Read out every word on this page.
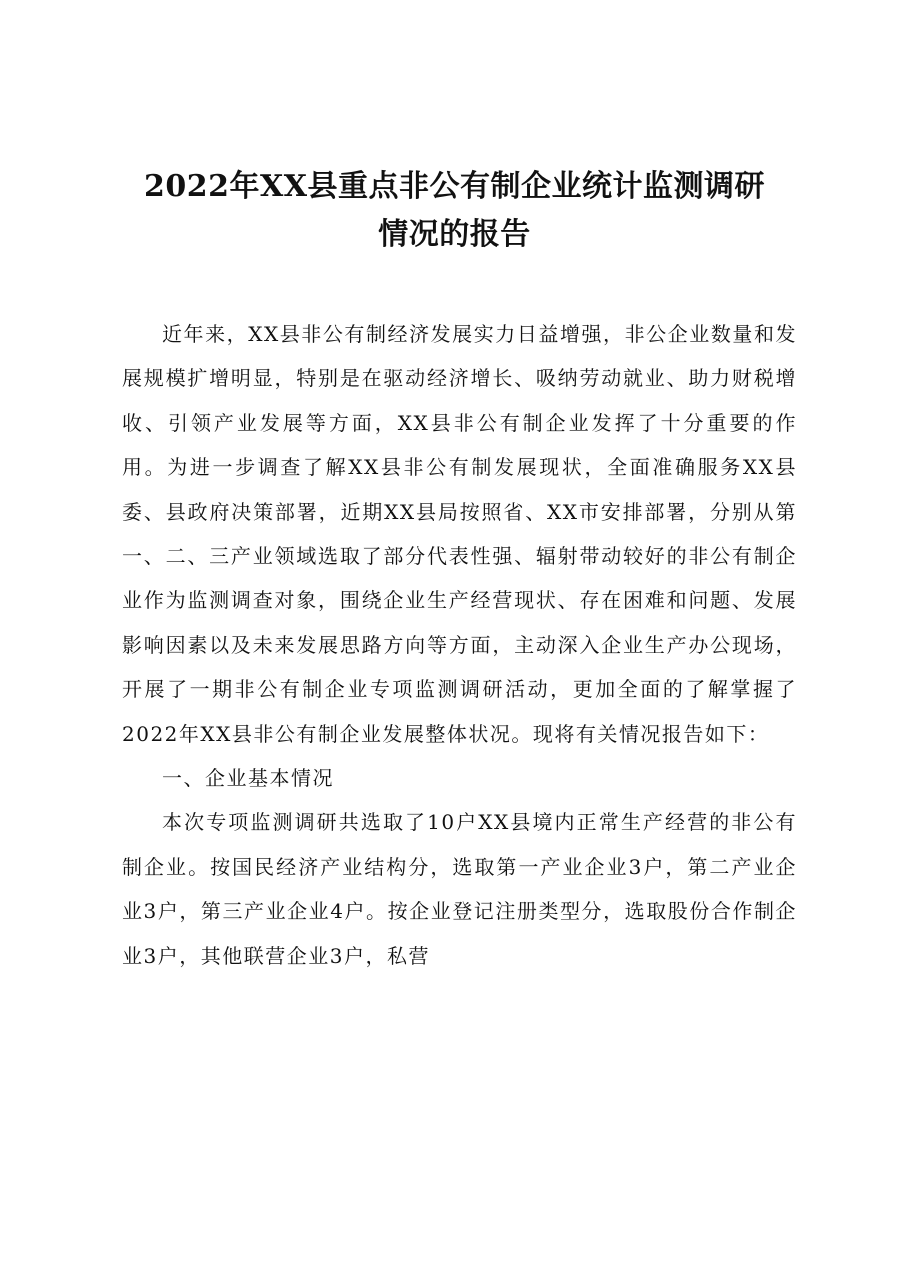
2022年XX县重点非公有制企业统计监测调研
情况的报告

近年来，XX县非公有制经济发展实力日益增强，非公企业数量和发展规模扩增明显，特别是在驱动经济增长、吸纳劳动就业、助力财税增收、引领产业发展等方面，XX县非公有制企业发挥了十分重要的作用。为进一步调查了解XX县非公有制发展现状，全面准确服务XX县委、县政府决策部署，近期XX县局按照省、XX市安排部署，分别从第一、二、三产业领域选取了部分代表性强、辐射带动较好的非公有制企业作为监测调查对象，围绕企业生产经营现状、存在困难和问题、发展影响因素以及未来发展思路方向等方面，主动深入企业生产办公现场，开展了一期非公有制企业专项监测调研活动，更加全面的了解掌握了2022年XX县非公有制企业发展整体状况。现将有关情况报告如下：

一、企业基本情况

本次专项监测调研共选取了10户XX县境内正常生产经营的非公有制企业。按国民经济产业结构分，选取第一产业企业3户，第二产业企业3户，第三产业企业4户。按企业登记注册类型分，选取股份合作制企业3户，其他联营企业3户，私营
